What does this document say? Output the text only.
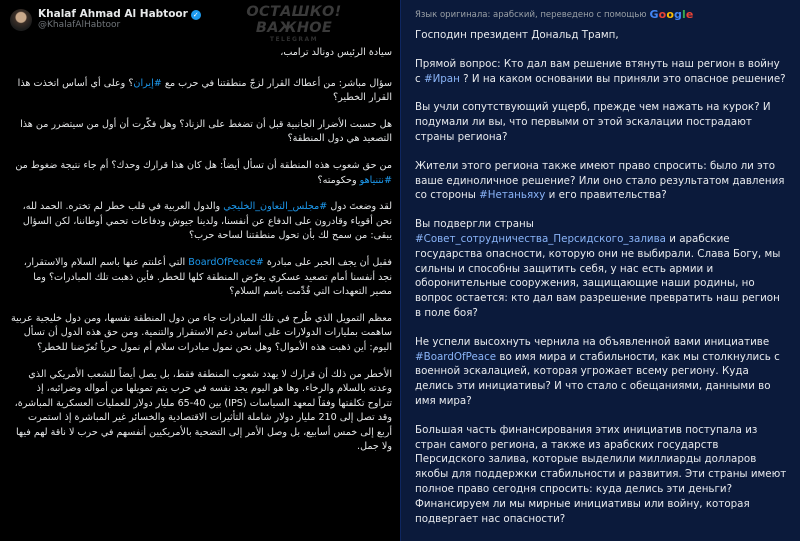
Khalaf Ahmad Al Habtoor ✓
@KhalafAlHabtoor
ОСТАШКО! ВАЖНОЕ
TELEGRAM

سيادة الرئيس دونالد ترامب،

سؤال مباشر: من أعطاك القرار لزجّ منطقتنا في حرب مع #إيران؟ وعلى أي أساس اتخذت هذا القرار الخطير؟

هل حسبت الأضرار الجانبية قبل أن تضغط على الزناد؟ وهل فكّرت أن أول من سيتضرر من هذا التصعيد هي دول المنطقة؟

من حق شعوب هذه المنطقة أن تسأل أيضاً: هل كان هذا قرارك وحدك؟ أم جاء نتيجة ضغوط من #نتنياهو وحكومته؟

لقد وضعتَ دول #مجلس_التعاون_الخليجي والدول العربية في قلب خطر لم تختره. الحمد لله، نحن أقوياء وقادرون على الدفاع عن أنفسنا، ولدينا جيوش ودفاعات تحمي أوطاننا، لكن السؤال يبقى: من سمح لك بأن تحول منطقتنا لساحة حرب؟

فقبل أن يجف الحبر على مبادرة #BoardOfPeace التي أعلنتم عنها باسم السلام والاستقرار، نجد أنفسنا أمام تصعيد عسكري يعرّض المنطقة كلها للخطر. فأين ذهبت تلك المبادرات؟ وما مصير التعهدات التي قُدِّمت باسم السلام؟

معظم التمويل الذي طُرح في تلك المبادرات جاء من دول المنطقة نفسها، ومن دول خليجية عربية ساهمت بمليارات الدولارات على أساس دعم الاستقرار والتنمية. ومن حق هذه الدول أن تسأل اليوم: أين ذهبت هذه الأموال؟ وهل نحن نمول مبادرات سلام أم نمول حرباً تُعرّضنا للخطر؟

الأخطر من ذلك أن قرارك لا يهدد شعوب المنطقة فقط، بل يصل أيضاً للشعب الأمريكي الذي وعدته بالسلام والرخاء. وها هو اليوم يجد نفسه في حرب يتم تمويلها من أمواله وضرائبه، إذ تتراوح تكلفتها وفقاً لمعهد السياسات (IPS) بين 40-65 مليار دولار للعمليات العسكرية المباشرة، وقد تصل إلى 210 مليار دولار شاملة التأثيرات الاقتصادية والخسائر غير المباشرة إذ استمرت أربع إلى خمس أسابيع، بل وصل الأمر إلى التضحية بالأمريكيين أنفسهم في حرب لا ناقة لهم فيها ولا جمل.

Язык оригинала: арабский, переведено с помощью Google

Господин президент Дональд Трамп,

Прямой вопрос: Кто дал вам решение втянуть наш регион в войну с #Иран ? И на каком основании вы приняли это опасное решение?

Вы учли сопутствующий ущерб, прежде чем нажать на курок? И подумали ли вы, что первыми от этой эскалации пострадают страны региона?

Жители этого региона также имеют право спросить: было ли это ваше единоличное решение? Или оно стало результатом давления со стороны #Нетаньяху и его правительства?

Вы подвергли страны #Совет_сотрудничества_Персидского_залива и арабские государства опасности, которую они не выбирали. Слава Богу, мы сильны и способны защитить себя, у нас есть армии и оборонительные сооружения, защищающие наши родины, но вопрос остается: кто дал вам разрешение превратить наш регион в поле боя?

Не успели высохнуть чернила на объявленной вами инициативе #BoardOfPeace во имя мира и стабильности, как мы столкнулись с военной эскалацией, которая угрожает всему региону. Куда делись эти инициативы? И что стало с обещаниями, данными во имя мира?

Большая часть финансирования этих инициатив поступала из стран самого региона, а также из арабских государств Персидского залива, которые выделили миллиарды долларов якобы для поддержки стабильности и развития. Эти страны имеют полное право сегодня спросить: куда делись эти деньги? Финансируем ли мы мирные инициативы или войну, которая подвергает нас опасности?
